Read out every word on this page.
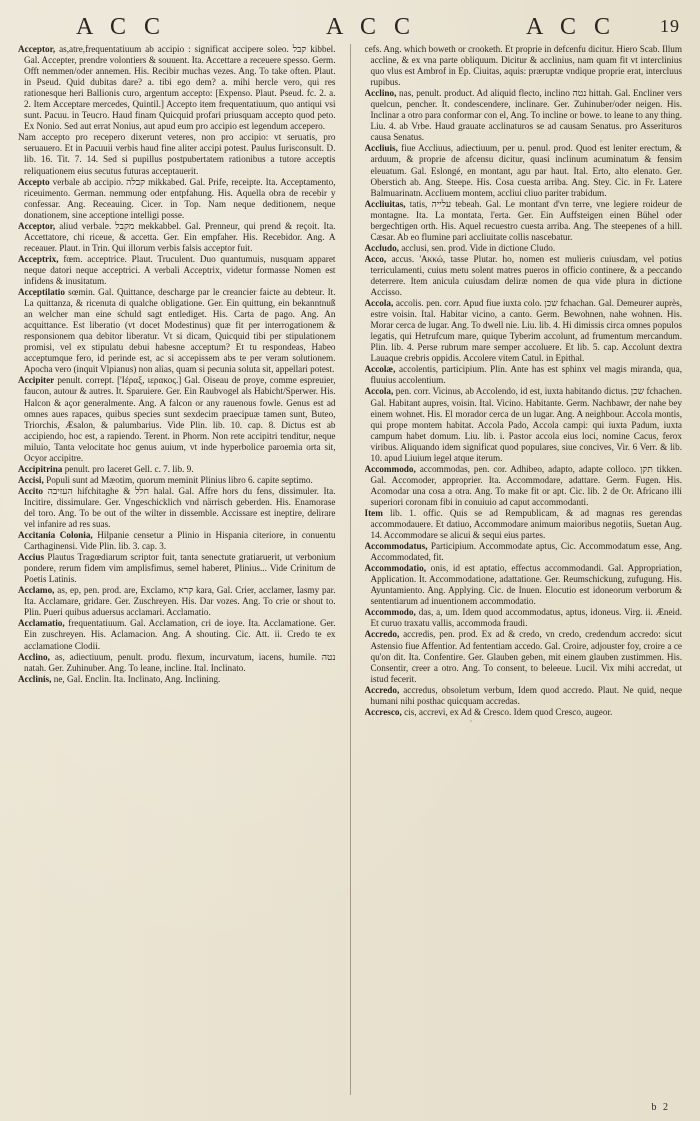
A C C	A C C	A C C 19

Acceptor, as,atre,frequentatiuum ab accipio : significat accipere soleo. קבל kibbel. Gal. Accepter, prendre volontiers & souuent. Ita. Accettare a receuere spesso. Germ. Offt nemmen/oder annemen. His. Recibir muchas vezes. Ang. To take often. Plaut. in Pseud. Quid dubitas dare? a. tibi ego dem? a. mihi hercle vero, qui res rationesque heri Ballionis curo, argentum accepto: [Expenso. Plaut. Pseud. fc. 2. a. 2. Item Acceptare mercedes, Quintil.] Accepto item frequentatiuum, quo antiqui vsi sunt. Pacuu. in Teucro. Haud finam Quicquid profari priusquam accepto quod peto. Ex Nonio. Sed aut errat Nonius, aut apud eum pro accipio est legendum accepero.

Nam accepto pro recepero dixerunt veteres, non pro accipio: vt seruatis, pro seruauero. Et in Pacuuii verbis haud fine aliter accipi potest. Paulus Iurisconsult. D. lib. 16. Tit. 7. 14. Sed si pupillus postpubertatem rationibus a tutore acceptis reliquationem eius secutus futuras acceptauerit.

Accepto verbale ab accipio. קבלה mikkabed. Gal. Prife, receipte. Ita. Acceptamento, riceuimento. German. nemmung oder entpfahung. His. Aquella obra de recebir y confessar. Ang. Receauing. Cicer. in Top. Nam neque deditionem, neque donationem, sine acceptione intelligi posse.

Acceptor, aliud verbale. מקבל mekkabbel. Gal. Prenneur, qui prend & reçoit. Ita. Accettatore, chi riceue, & accetta. Ger. Ein empfaher. His. Recebidor. Ang. A receauer. Plaut. in Trin. Qui illorum verbis falsis acceptor fuit.

Acceptrix, fœm. acceptrice. Plaut. Truculent. Duo quantumuis, nusquam apparet neque datori neque acceptrici. A verbali Acceptrix, videtur formasse Nomen est infidens & inusitatum.

Acceptilatio sœmin. Gal. Quittance, descharge par le creancier faicte au debteur. It. La quittanza, & ricenuta di qualche obligatione. Ger. Ein quittung, ein bekanntnuß an welcher man eine schuld sagt entlediget. His. Carta de pago. Ang. An acquittance. Est liberatio (vt docet Modestinus) quæ fit per interrogationem & responsionem qua debitor liberatur. Vt si dicam, Quicquid tibi per stipulationem promisi, vel ex stipulatu debui habesne acceptum? Et tu respondeas, Habeo acceptumque fero, id perinde est, ac si accepissem abs te per veram solutionem. Apocha vero (inquit Vlpianus) non alias, quam si pecunia soluta sit, appellari potest.

Accipiter penult. corrept. ['Ιέραξ, ιερακος.] Gal. Oiseau de proye, comme espreuier, faucon, autour & autres. It. Sparuiere. Ger. Ein Raubvogel als Habicht/Sperwer. His. Halcon & açor generalmente. Ang. A falcon or any rauenous fowle. Genus est ad omnes aues rapaces, quibus species sunt sexdecim praecipuæ tamen sunt, Buteo, Triorchis, Æsalon, & palumbarius. Vide Plin. lib. 10. cap. 8. Dictus est ab accipiendo, hoc est, a rapiendo. Terent. in Phorm. Non rete accipitri tenditur, neque miluio, Tanta velocitate hoc genus auium, vt inde hyperbolice paroemia orta sit, Ocyor accipitre.

Accipitrina penult. pro Iaceret Gell. c. 7. lib. 9.

Accisi, Populi sunt ad Mæotim, quorum meminit Plinius libro 6. capite septimo.

Accito העזיבה hifchitaghe & חלל halal. Gal. Affre hors du fens, dissimuler. Ita. Incitire, dissimulare. Ger. Vngeschicklich vnd närrisch geberden. His. Enamorase del toro. Ang. To be out of the wilter in dissemble. Accissare est ineptire, delirare vel infanire ad res suas.

Accitania Colonia, Hilpanie censetur a Plinio in Hispania citeriore, in conuentu Carthaginensi. Vide Plin. lib. 3. cap. 3.

Accius Plautus Tragœdiarum scriptor fuit, tanta senectute gratiaruerit, ut verbonium pondere, rerum fidem vim amplisfimus, semel haberet, Plinius... Vide Crinitum de Poetis Latinis.

Acclamo, as, ep, pen. prod. are, Exclamo, קרא kara, Gal. Crier, acclamer, Iasmy par. Ita. Acclamare, gridare. Ger. Zuschreyen. His. Dar vozes. Ang. To crie or shout to. Plin. Pueri quibus aduersus acclamari. Acclamatio.

Acclamatio, frequentatiuum. Gal. Acclamation, cri de ioye. Ita. Acclamatione. Ger. Ein zuschreyen. His. Aclamacion. Ang. A shouting. Cic. Att. ii. Credo te ex acclamatione Clodii.

Acclino, as, adiectiuum, penult. produ. flexum, incurvatum, iacens, humile. נטה natah. Ger. Zuhinuber. Ang. To leane, incline. Ital. Inclinato.

Acclinis, ne, Gal. Enclin. Ita. Inclinato, Ang. Inclining.

cefs. Ang. which boweth or crooketh. Et proprie in defcenfu dicitur. Hiero Scab. Illum accline, & ex vna parte obliquum. Dicitur & acclinius, nam quam fit vt interclinius quo vlus est Ambrof in Ep. Ciuitas, aquis: præruptæ vndique proprie erat, intercluus rupibus.

Acclino, nas, penult. product. Ad aliquid flecto, inclino נטה hittah. Gal. Encliner vers quelcun, pencher. It. condescendere, inclinare. Ger. Zuhinuber/oder neigen. His. Inclinar a otro para conformar con el, Ang. To incline or bowe. to leane to any thing. Liu. 4. ab Vrbe. Haud grauate acclinaturos se ad causam Senatus. pro Asserituros causa Senatus.

Accliuis, fiue Accliuus, adiectiuum, per u. penul. prod. Quod est leniter erectum, & arduum, & proprie de afcensu dicitur, quasi inclinum acuminatum & fensim eleuatum. Gal. Eslongé, en montant, agu par haut. Ital. Erto, alto elenato. Ger. Oberstich ab. Ang. Steepe. His. Cosa cuesta arriba. Ang. Stey. Cic. in Fr. Latere Balmuarinatn. Accliuem montem, accliui cliuo pariter trabidum.

Accliuitas, tatis, עלייה tebeah. Gal. Le montant d'vn terre, vne legiere roideur de montagne. Ita. La montata, l'erta. Ger. Ein Auffsteigen einen Bühel oder bergechtigen orth. His. Aquel recuestro cuesta arriba. Ang. The steepenes of a hill. Cæsar. Ab eo flumine pari accliuitate collis nascebatur.

Accludo, acclusi, sen. prod. Vide in dictione Cludo.

Acco, accus. 'Ακκώ, tasse Plutar. ho, nomen est mulieris cuiusdam, vel potius terriculamenti, cuius metu solent matres pueros in officio continere, & a peccando deterrere. Item anicula cuiusdam deliræ nomen de qua vide plura in dictione Accisso.

Accola, accolis. pen. corr. Apud fiue iuxta colo. שכן fchachan. Gal. Demeurer auprès, estre voisin. Ital. Habitar vicino, a canto. Germ. Bewohnen, nahe wohnen. His. Morar cerca de lugar. Ang. To dwell nie. Liu. lib. 4. Hi dimissis circa omnes populos legatis, qui Hetrufcum mare, quique Tyberim accolunt, ad frumentum mercandum. Plin. lib. 4. Perse rubrum mare semper accoluere. Et lib. 5. cap. Accolunt dextra Lauaque crebris oppidis. Accolere vitem Catul. in Epithal.

Accolæ, accolentis, participium. Plin. Ante has est sphinx vel magis miranda, qua, fluuius accolentium.

Accola, pen. corr. Vicinus, ab Accolendo, id est, iuxta habitando dictus. שכן fchachen. Gal. Habitant aupres, voisin. Ital. Vicino. Habitante. Germ. Nachbawr, der nahe bey einem wohnet. His. El morador cerca de un lugar. Ang. A neighbour. Accola montis, qui prope montem habitat. Accola Pado, Accola campi: qui iuxta Padum, iuxta campum habet domum. Liu. lib. i. Pastor accola eius loci, nomine Cacus, ferox viribus. Aliquando idem significat quod populares, siue concives, Vir. 6 Verr. & lib. 10. apud Liuium legel atque iterum.

Accommodo, accommodas, pen. cor. Adhibeo, adapto, adapte colloco. תקן tikken. Gal. Accomoder, approprier. Ita. Accommodare, adattare. Germ. Fugen. His. Acomodar una cosa a otra. Ang. To make fit or apt. Cic. lib. 2 de Or. Africano illi superiori coronam fibi in conuiuio ad caput accommodanti.

Item lib. 1. offic. Quis se ad Rempublicam, & ad magnas res gerendas accommodauere. Et datiuo, Accommodare animum maioribus negotiis, Suetan Aug. 14. Accommodare se alicui & sequi eius partes.

Accommodatus, Participium. Accommodate aptus, Cic. Accommodatum esse, Ang. Accommodated, fit.

Accommodatio, onis, id est aptatio, effectus accommodandi. Gal. Appropriation, Application. It. Accommodatione, adattatione. Ger. Reumschickung, zufugung. His. Ayuntamiento. Ang. Applying. Cic. de Inuen. Elocutio est idoneorum verborum & sententiarum ad inuentionem accommodatio.

Accommodo, das, a, um. Idem quod accommodatus, aptus, idoneus. Virg. ii. Æneid. Et curuo traxatu vallis, accommoda fraudi.

Accredo, accredis, pen. prod. Ex ad & credo, vn credo, credendum accredo: sicut Astensio fiue Affentior. Ad fententiam accedo. Gal. Croire, adjouster foy, croire a ce qu'on dit. Ita. Confentire. Ger. Glauben geben, mit einem glauben zustimmen. His. Consentir, creer a otro. Ang. To consent, to beleeue. Lucil. Vix mihi accredat, ut istud fecerit.

Accredo, accredus, obsoletum verbum, Idem quod accredo. Plaut. Ne quid, neque humani nihi posthac quicquam accredas.

Accresco, cis, accrevi, ex Ad & Cresco. Idem quod Cresco, augeor.

b 2
